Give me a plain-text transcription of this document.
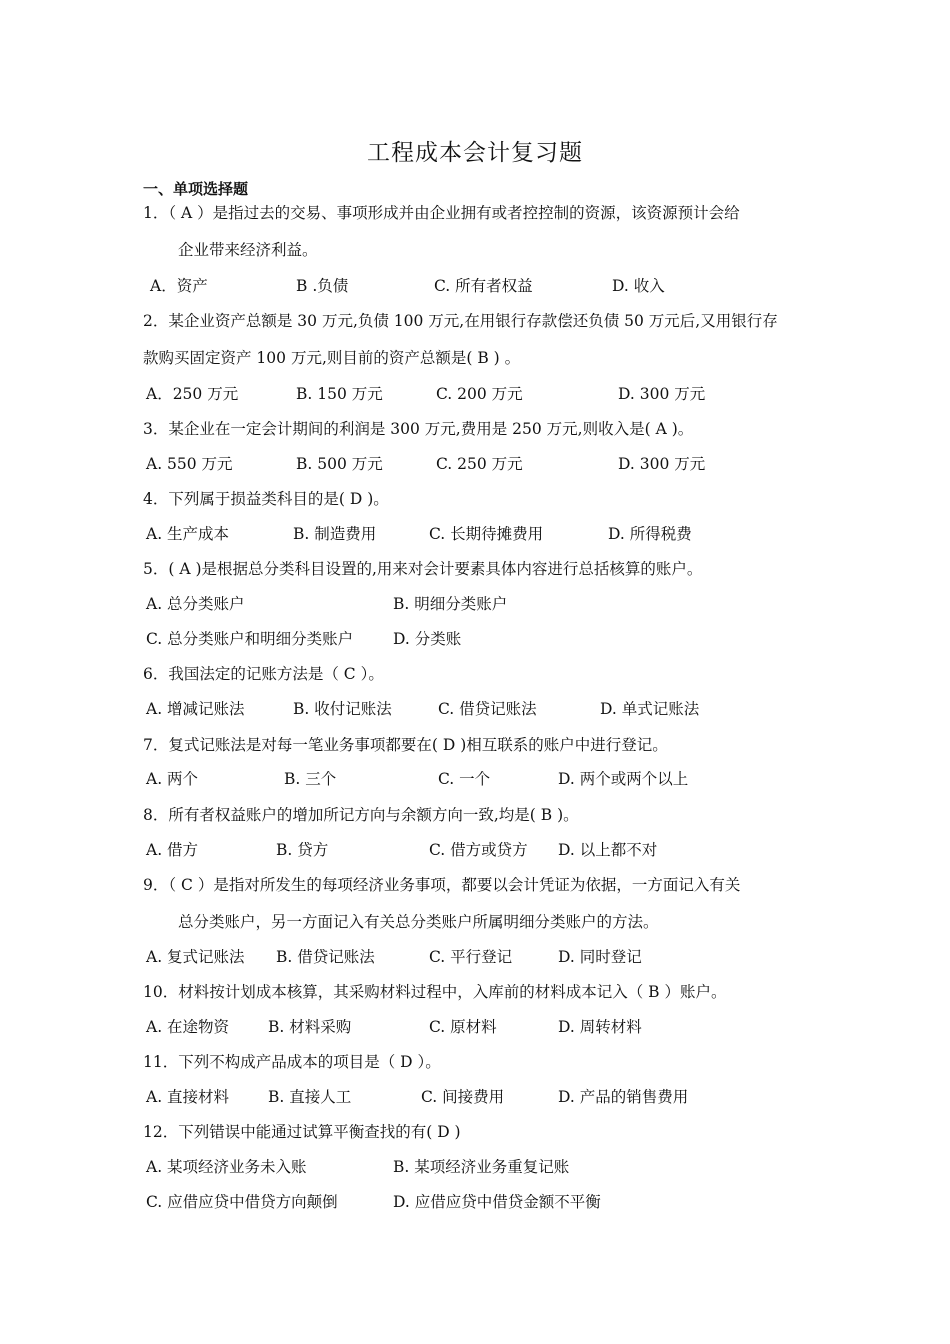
工程成本会计复习题
一、单项选择题
1．（ A ）是指过去的交易、事项形成并由企业拥有或者控控制的资源，该资源预计会给
企业带来经济利益。
A．资产	B .负债	C. 所有者权益	D. 收入
2．某企业资产总额是 30 万元,负债 100 万元,在用银行存款偿还负债 50 万元后,又用银行存
款购买固定资产 100 万元,则目前的资产总额是( B ) 。
A．250 万元	B. 150 万元	C. 200 万元	D. 300 万元
3．某企业在一定会计期间的利润是 300 万元,费用是 250 万元,则收入是( A )。
A. 550 万元	B. 500 万元	C. 250 万元	D. 300 万元
4．下列属于损益类科目的是( D )。
A. 生产成本	B. 制造费用	C. 长期待摊费用	D. 所得税费
5．( A )是根据总分类科目设置的,用来对会计要素具体内容进行总括核算的账户。
A. 总分类账户	B. 明细分类账户
C. 总分类账户和明细分类账户	D. 分类账
6．我国法定的记账方法是（ C ）。
A. 增减记账法	B. 收付记账法	C. 借贷记账法	D. 单式记账法
7．复式记账法是对每一笔业务事项都要在( D )相互联系的账户中进行登记。
A. 两个	B. 三个	C. 一个	D. 两个或两个以上
8．所有者权益账户的增加所记方向与余额方向一致,均是( B )。
A. 借方	B. 贷方	C. 借方或贷方 D. 以上都不对
9．（ C ）是指对所发生的每项经济业务事项，都要以会计凭证为依据，一方面记入有关
总分类账户，另一方面记入有关总分类账户所属明细分类账户的方法。
A. 复式记账法 B. 借贷记账法	C. 平行登记	D. 同时登记
10．材料按计划成本核算，其采购材料过程中，入库前的材料成本记入（ B ）账户。
A. 在途物资	B. 材料采购	C. 原材料	D. 周转材料
11．下列不构成产品成本的项目是（ D ）。
A. 直接材料	B. 直接人工	C. 间接费用	D. 产品的销售费用
12．下列错误中能通过试算平衡查找的有( D )
A. 某项经济业务未入账	B. 某项经济业务重复记账
C. 应借应贷中借贷方向颠倒	D. 应借应贷中借贷金额不平衡
